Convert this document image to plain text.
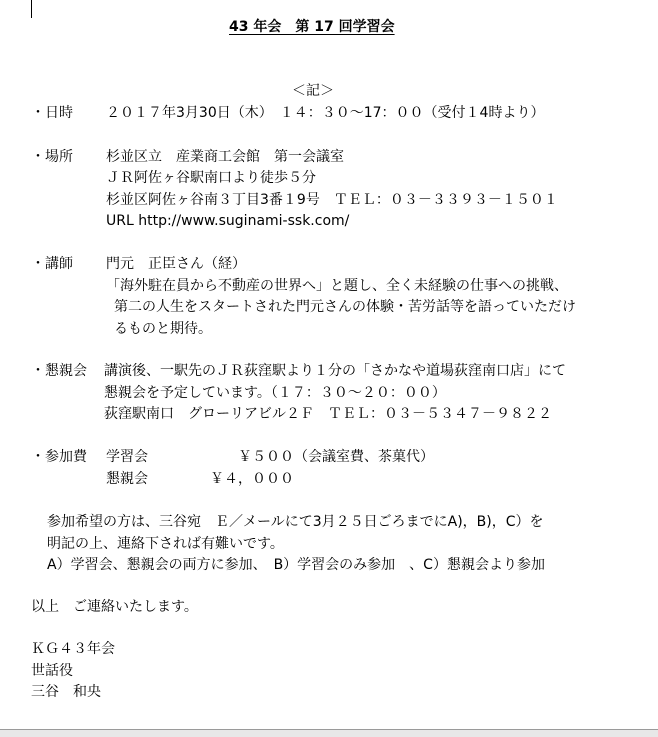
43 年会　第 17 回学習会
＜記＞
・日時 ２０１７年3月30日（木）　１４：３０～17：００（受付１4時より）
・場所 杉並区立　産業商工会館　第一会議室
ＪＲ阿佐ヶ谷駅南口より徒歩５分
杉並区阿佐ヶ谷南３丁目3番１9号　ＴＥＬ：０３－３３９３－１５０１
URL http://www.suginami-ssk.com/
・講師 門元　正臣さん（経）
「海外駐在員から不動産の世界へ」と題し、全く未経験の仕事への挑戦、
第二の人生をスタートされた門元さんの体験・苦労話等を語っていただけ
るものと期待。
・懇親会 講演後、一駅先のＪＲ荻窪駅より１分の「さかなや道場荻窪南口店」にて
懇親会を予定しています。（１７：３０～２０：００）
荻窪駅南口　グローリアビル２Ｆ　ＴＥＬ：０３－５３４７－９８２２
・参加費 学習会	￥５００（会議室費、茶菓代）
懇親会	￥４，０００
参加希望の方は、三谷宛　Ｅ／メールにて3月２５日ごろまでにA)，B)，C）を
明記の上、連絡下されば有難いです。
A）学習会、懇親会の両方に参加、　B）学習会のみ参加　、C）懇親会より参加
以上　ご連絡いたします。
ＫＧ４３年会
世話役
三谷　和央
